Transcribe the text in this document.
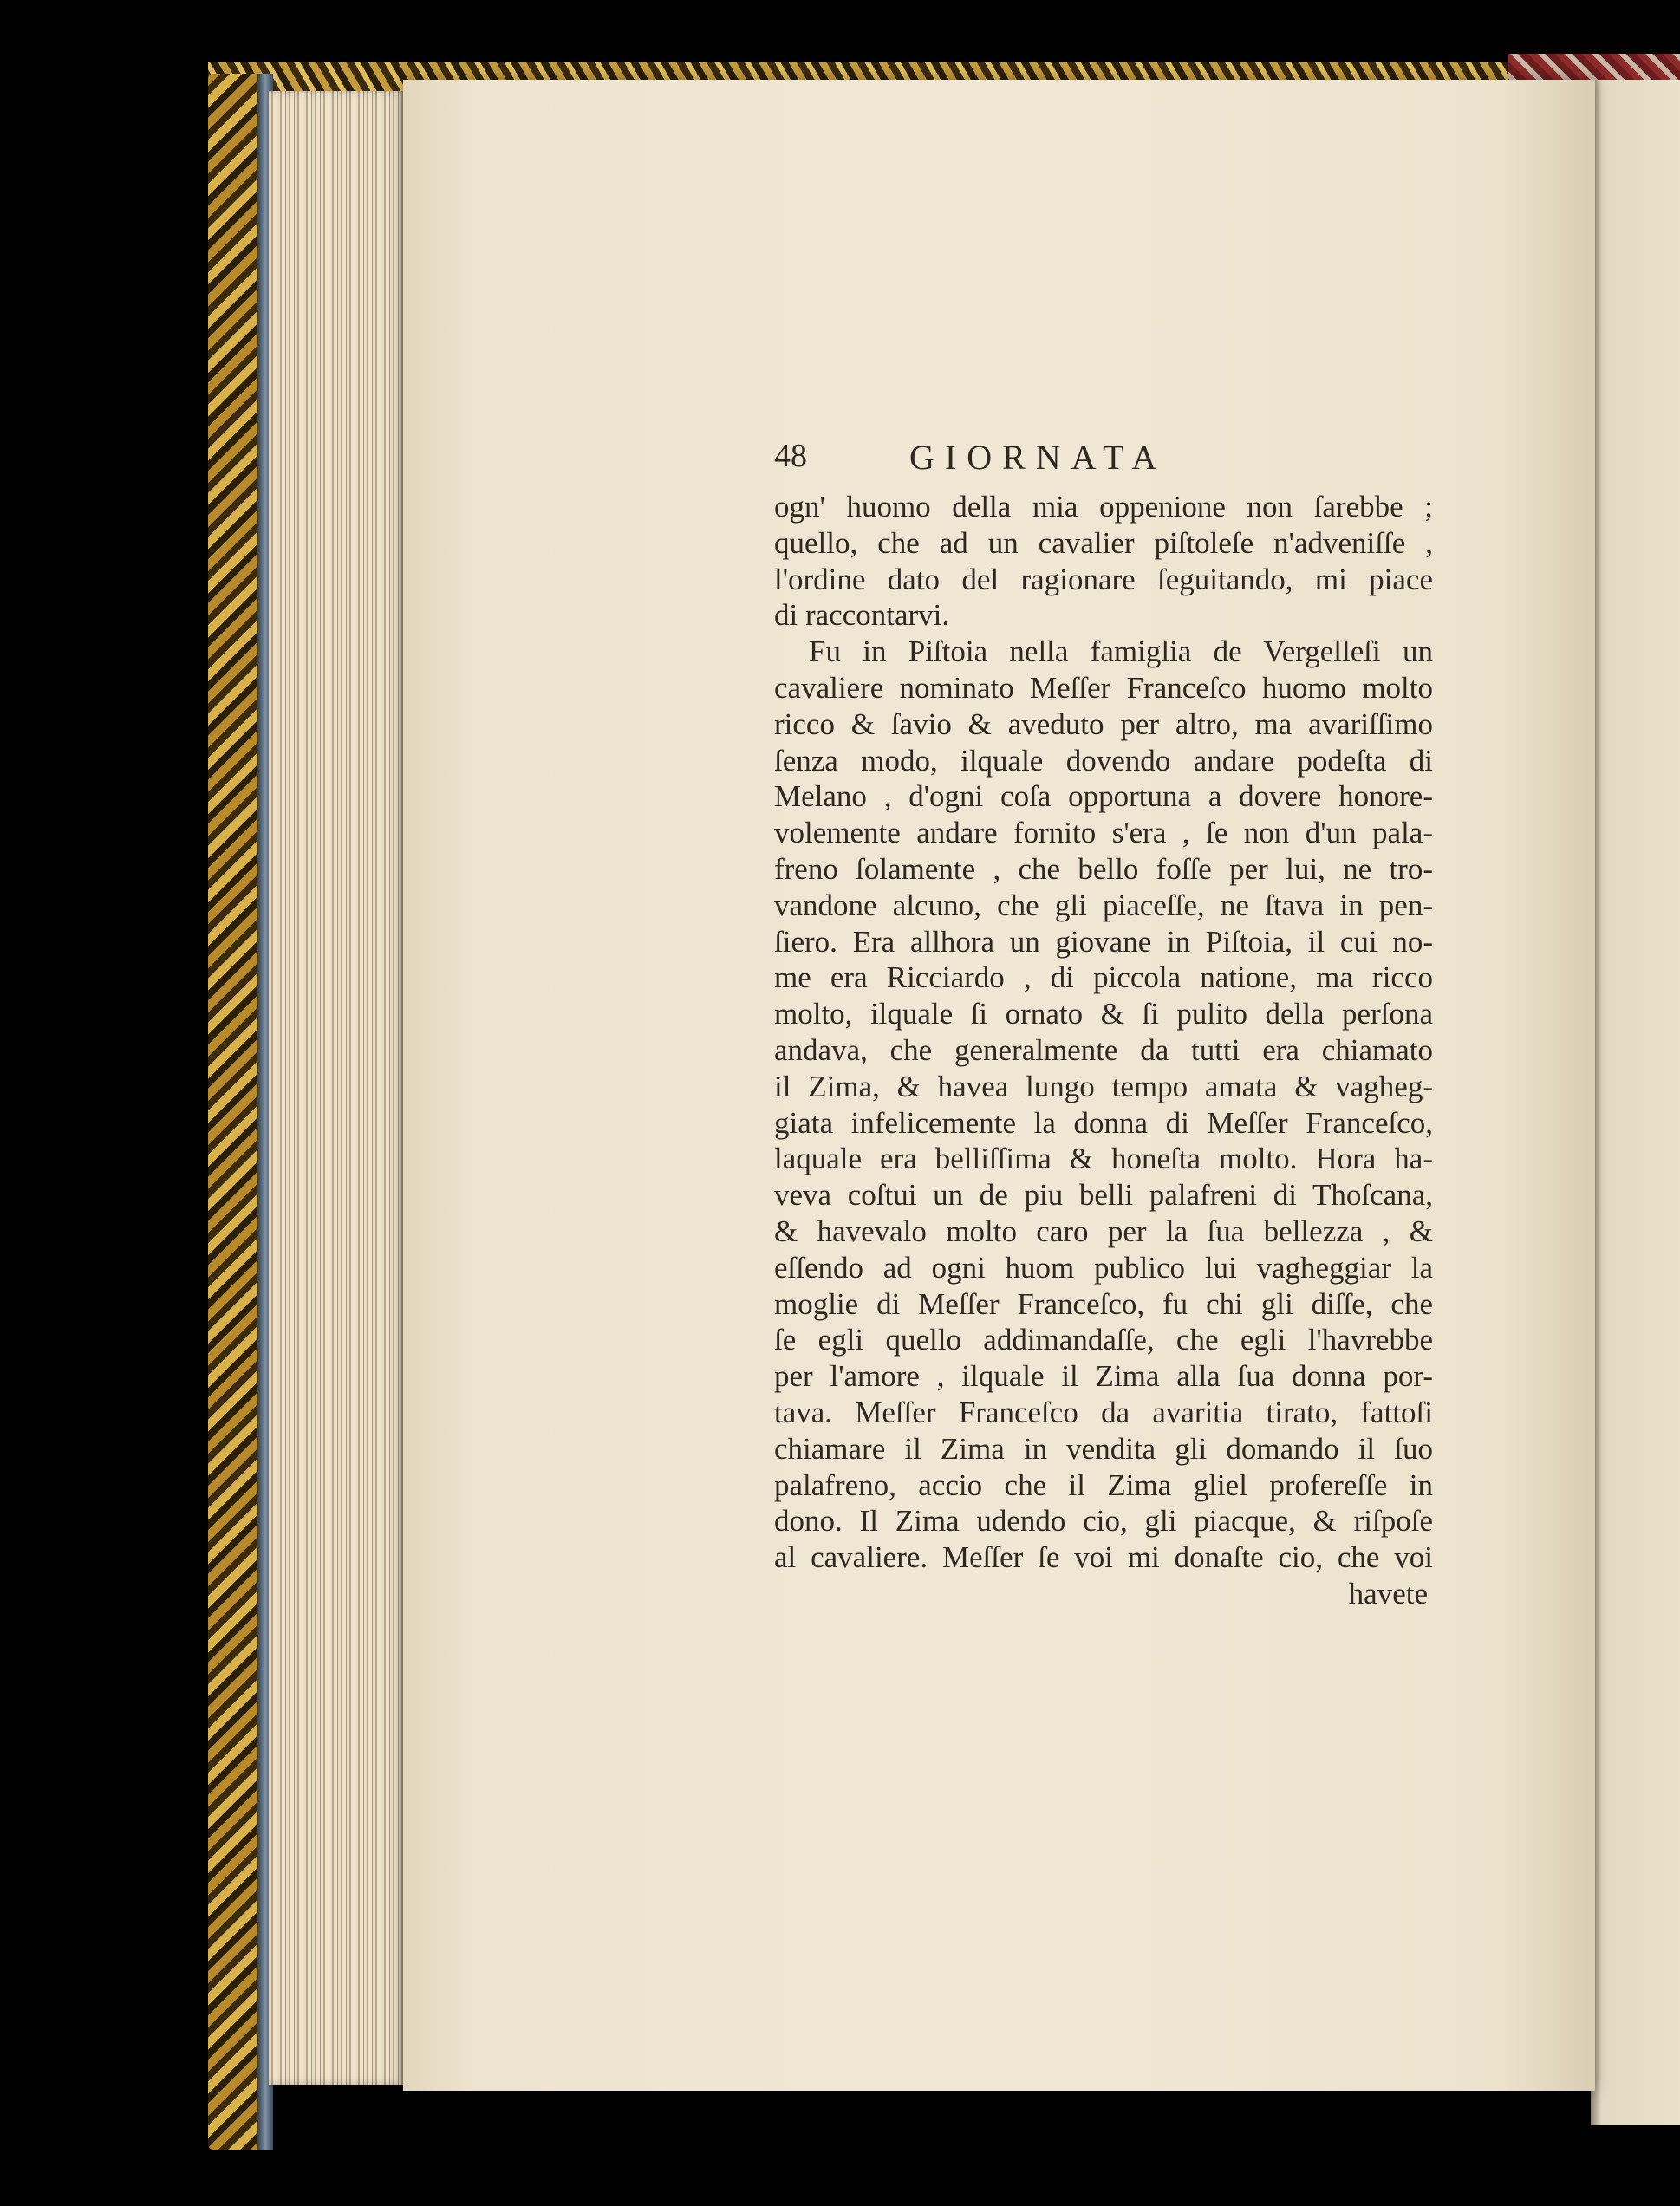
48	GIORNATA
ogn' huomo della mia oppenione non ſarebbe ;
quello, che ad un cavalier piſtoleſe n'adveniſſe ,
l'ordine dato del ragionare ſeguitando, mi piace
di raccontarvi.
Fu in Piſtoia nella famiglia de Vergelleſi un
cavaliere nominato Meſſer Franceſco huomo molto
ricco & ſavio & aveduto per altro, ma avariſſimo
ſenza modo, ilquale dovendo andare podeſta di
Melano , d'ogni coſa opportuna a dovere honore-
volemente andare fornito s'era , ſe non d'un pala-
freno ſolamente , che bello foſſe per lui, ne tro-
vandone alcuno, che gli piaceſſe, ne ſtava in pen-
ſiero. Era allhora un giovane in Piſtoia, il cui no-
me era Ricciardo , di piccola natione, ma ricco
molto, ilquale ſi ornato & ſi pulito della perſona
andava, che generalmente da tutti era chiamato
il Zima, & havea lungo tempo amata & vagheg-
giata infelicemente la donna di Meſſer Franceſco,
laquale era belliſſima & honeſta molto. Hora ha-
veva coſtui un de piu belli palafreni di Thoſcana,
& havevalo molto caro per la ſua bellezza , &
eſſendo ad ogni huom publico lui vagheggiar la
moglie di Meſſer Franceſco, fu chi gli diſſe, che
ſe egli quello addimandaſſe, che egli l'havrebbe
per l'amore , ilquale il Zima alla ſua donna por-
tava. Meſſer Franceſco da avaritia tirato, fattoſi
chiamare il Zima in vendita gli domando il ſuo
palafreno, accio che il Zima gliel profereſſe in
dono. Il Zima udendo cio, gli piacque, & riſpoſe
al cavaliere. Meſſer ſe voi mi donaſte cio, che voi
havete
